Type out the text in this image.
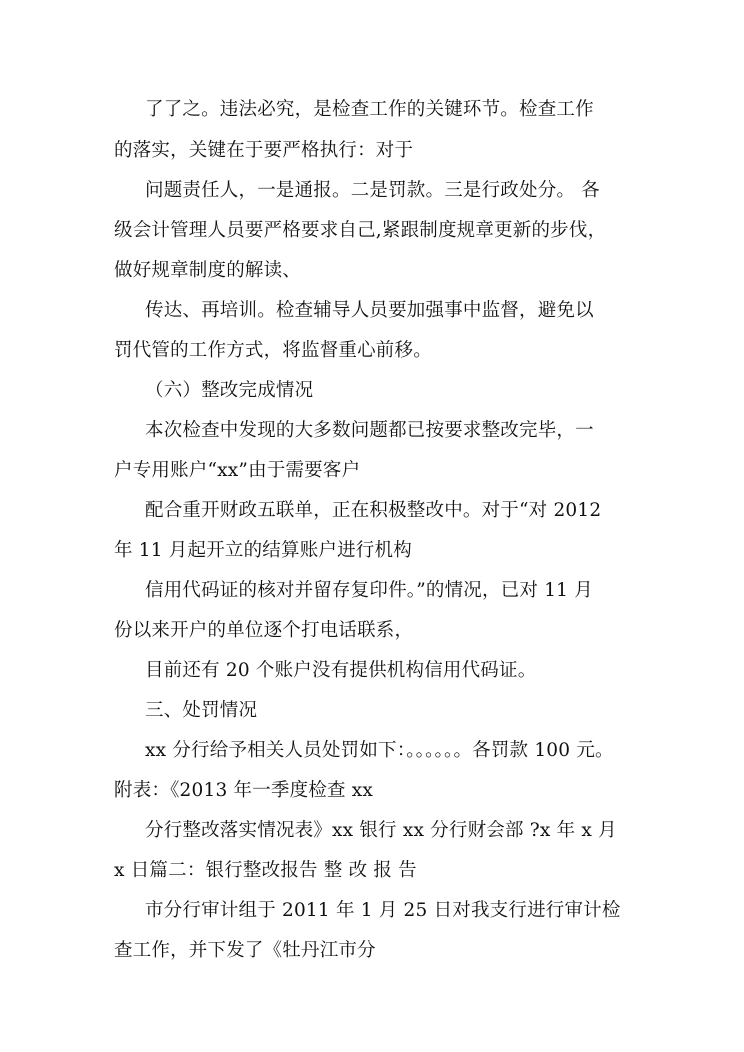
了了之。违法必究，是检查工作的关键环节。检查工作
的落实，关键在于要严格执行：对于
问题责任人，一是通报。二是罚款。三是行政处分。 各
级会计管理人员要严格要求自己,紧跟制度规章更新的步伐，
做好规章制度的解读、
传达、再培训。检查辅导人员要加强事中监督，避免以
罚代管的工作方式，将监督重心前移。
（六）整改完成情况
本次检查中发现的大多数问题都已按要求整改完毕，一
户专用账户“xx”由于需要客户
配合重开财政五联单，正在积极整改中。对于“对 2012
年 11 月起开立的结算账户进行机构
信用代码证的核对并留存复印件。”的情况，已对 11 月
份以来开户的单位逐个打电话联系，
目前还有 20 个账户没有提供机构信用代码证。
三、处罚情况
xx 分行给予相关人员处罚如下：。。。。。。各罚款 100 元。
附表：《2013 年一季度检查 xx
分行整改落实情况表》xx 银行 xx 分行财会部 ?x 年 x 月
x 日篇二：银行整改报告 整 改 报 告
市分行审计组于 2011 年 1 月 25 日对我支行进行审计检
查工作，并下发了《牡丹江市分
